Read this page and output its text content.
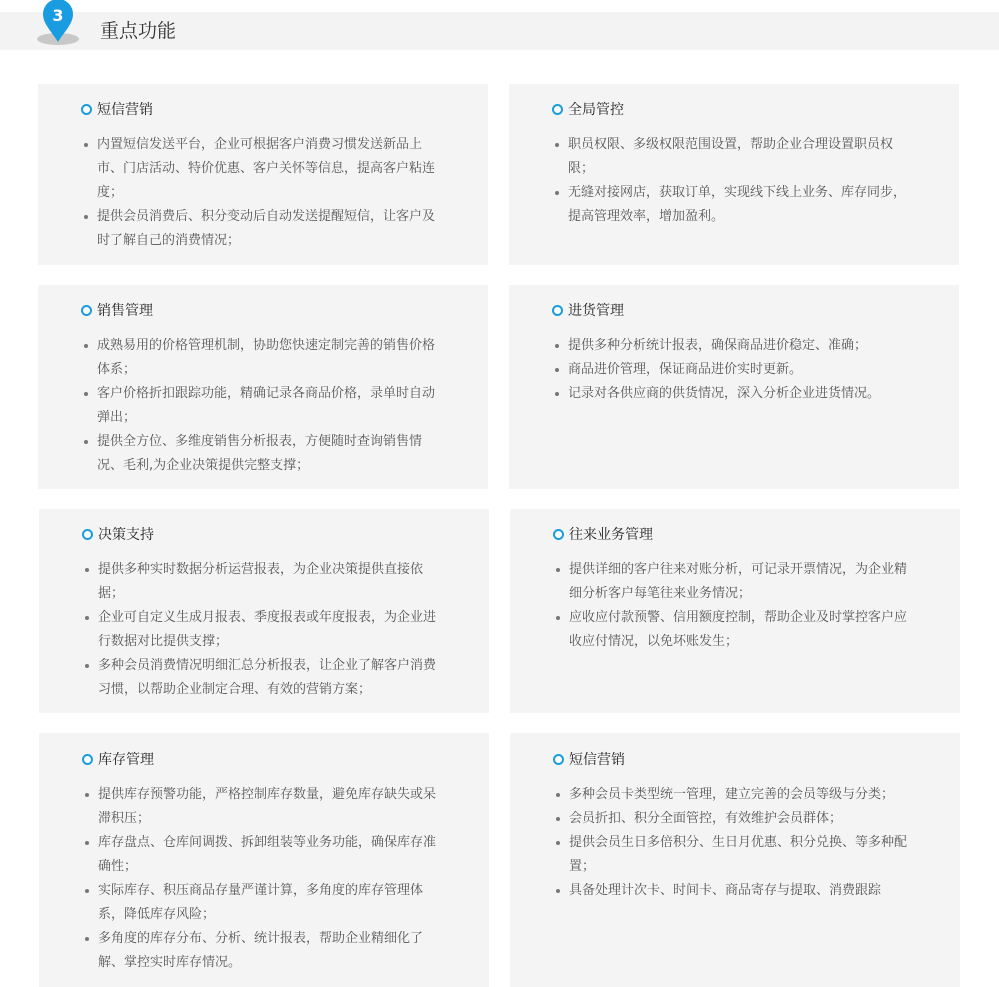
3
重点功能
短信营销
内置短信发送平台，企业可根据客户消费习惯发送新品上市、门店活动、特价优惠、客户关怀等信息，提高客户粘连度；
提供会员消费后、积分变动后自动发送提醒短信，让客户及时了解自己的消费情况；
全局管控
职员权限、多级权限范围设置，帮助企业合理设置职员权限；
无缝对接网店，获取订单，实现线下线上业务、库存同步，提高管理效率，增加盈利。
销售管理
成熟易用的价格管理机制，协助您快速定制完善的销售价格体系；
客户价格折扣跟踪功能，精确记录各商品价格，录单时自动弹出；
提供全方位、多维度销售分析报表，方便随时查询销售情况、毛利,为企业决策提供完整支撑；
进货管理
提供多种分析统计报表，确保商品进价稳定、准确；
商品进价管理，保证商品进价实时更新。
记录对各供应商的供货情况，深入分析企业进货情况。
决策支持
提供多种实时数据分析运营报表，为企业决策提供直接依据；
企业可自定义生成月报表、季度报表或年度报表，为企业进行数据对比提供支撑；
多种会员消费情况明细汇总分析报表，让企业了解客户消费习惯，以帮助企业制定合理、有效的营销方案；
往来业务管理
提供详细的客户往来对账分析，可记录开票情况，为企业精细分析客户每笔往来业务情况；
应收应付款预警、信用额度控制，帮助企业及时掌控客户应收应付情况，以免坏账发生；
库存管理
提供库存预警功能，严格控制库存数量，避免库存缺失或呆滞积压；
库存盘点、仓库间调拨、拆卸组装等业务功能，确保库存准确性；
实际库存、积压商品存量严谨计算，多角度的库存管理体系，降低库存风险；
多角度的库存分布、分析、统计报表，帮助企业精细化了解、掌控实时库存情况。
短信营销
多种会员卡类型统一管理，建立完善的会员等级与分类；
会员折扣、积分全面管控，有效维护会员群体；
提供会员生日多倍积分、生日月优惠、积分兑换、等多种配置；
具备处理计次卡、时间卡、商品寄存与提取、消费跟踪
